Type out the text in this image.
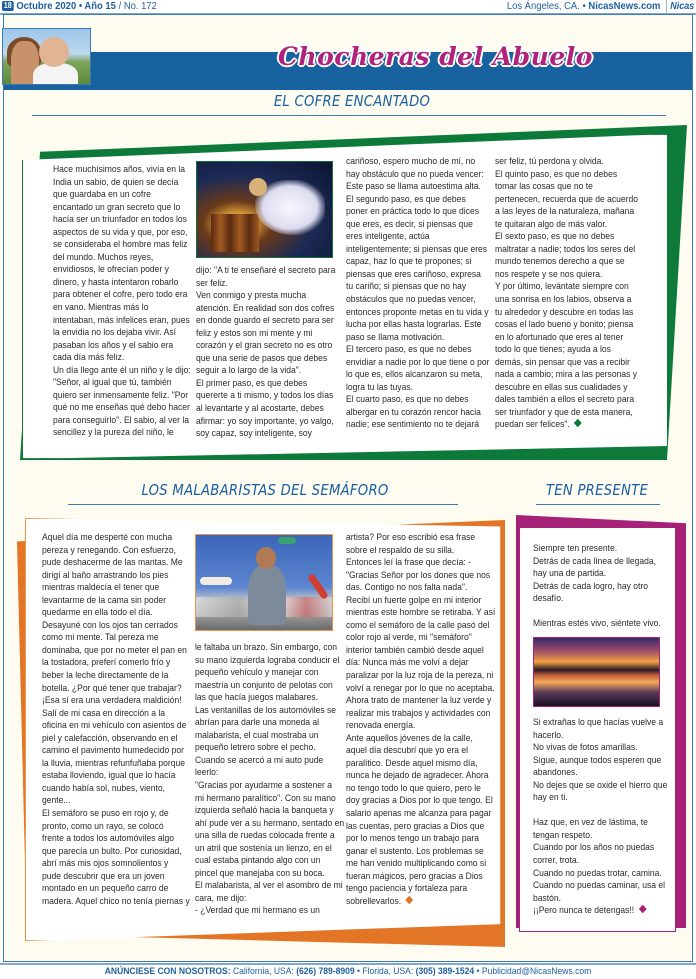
18 Octubre 2020 • Año 15 / No. 172	Los Ángeles, CA. • NicasNews.com Nicas
Chocheras del Abuelo
EL COFRE ENCANTADO

Hace muchísimos años, vivía en la

India un sabio, de quien se decía

que guardaba en un cofre

encantado un gran secreto que lo

hacía ser un triunfador en todos los

aspectos de su vida y que, por eso,

se consideraba el hombre mas feliz

del mundo. Muchos reyes,

envidiosos, le ofrecían poder y

dinero, y hasta intentaron robarlo

para obtener el cofre, pero todo era

en vano. Mientras más lo

intentaban, más infelices eran, pues

la envidia no los dejaba vivir. Así

pasaban los años y el sabio era

cada día más feliz.

Un día llego ante él un niño y le dijo:

"Señor, al igual que tú, también

quiero ser inmensamente feliz. "Por

qué no me enseñas qué debo hacer

para conseguirlo". El sabio, al ver la

sencillez y la pureza del niño, le

dijo: "A ti te enseñaré el secreto para

ser feliz.

Ven conmigo y presta mucha

atención. En realidad son dos cofres

en donde guardo el secreto para ser

feliz y estos son mi mente y mi

corazón y el gran secreto no es otro

que una serie de pasos que debes

seguir a lo largo de la vida".

El primer paso, es que debes

quererte a ti mismo, y todos los días

al levantarte y al acostarte, debes

afirmar: yo soy importante, yo valgo,

soy capaz, soy inteligente, soy

cariñoso, espero mucho de mí, no

hay obstáculo que no pueda vencer:

Este paso se llama autoestima alta.

El segundo paso, es que debes

poner en práctica todo lo que dices

que eres, es decir, si piensas que

eres inteligente, actúa

inteligentemente; si piensas que eres

capaz, haz lo que te propones; si

piensas que eres cariñoso, expresa

tu cariño; si piensas que no hay

obstáculos que no puedas vencer,

entonces proponte metas en tu vida y

lucha por ellas hasta lograrlas. Este

paso se llama motivación.

El tercero paso, es que no debes

envidiar a nadie por lo que tiene o por

lo que es, ellos alcanzaron su meta,

logra tu las tuyas.

El cuarto paso, es que no debes

albergar en tu corazón rencor hacia

nadie; ese sentimiento no te dejará

ser feliz, tú perdona y olvida.

El quinto paso, es que no debes

tomar las cosas que no te

pertenecen, recuerda que de acuerdo

a las leyes de la naturaleza, mañana

te quitaran algo de más valor.

El sexto paso, es que no debes

maltratar a nadie; todos los seres del

mundo tenemos derecho a que se

nos respete y se nos quiera.

Y por último, levántate siempre con

una sonrisa en los labios, observa a

tu alrededor y descubre en todas las

cosas el lado bueno y bonito; piensa

en lo afortunado que eres al tener

todo lo que tienes; ayuda a los

demás, sin pensar que vas a recibir

nada a cambio; mira a las personas y

descubre en ellas sus cualidades y

dales también a ellos el secreto para

ser triunfador y que de esta manera,

puedan ser felices".

LOS MALABARISTAS DEL SEMÁFORO

Aquel día me desperté con mucha

pereza y renegando. Con esfuerzo,

pude deshacerme de las mantas. Me

dirigí al baño arrastrando los pies

mientras maldecía el tener que

levantarme de la cama sin poder

quedarme en ella todo el día.

Desayuné con los ojos tan cerrados

como mi mente. Tal pereza me

dominaba, que por no meter el pan en

la tostadora, preferí comerlo frío y

beber la leche directamente de la

botella. ¿Por qué tener que trabajar?

¡Esa sí era una verdadera maldición!

Salí de mi casa en dirección a la

oficina en mi vehículo con asientos de

piel y calefacción, observando en el

camino el pavimento humedecido por

la lluvia, mientras refunfuñaba porque

estaba lloviendo, igual que lo hacía

cuando había sol, nubes, viento,

gente...

El semáforo se puso en rojo y, de

pronto, como un rayo, se colocó

frente a todos los automóviles algo

que parecía un bulto. Por curiosidad,

abrí más mis ojos somnolientos y

pude descubrir que era un joven

montado en un pequeño carro de

madera. Aquel chico no tenía piernas y

le faltaba un brazo. Sin embargo, con

su mano izquierda lograba conducir el

pequeño vehículo y manejar con

maestría un conjunto de pelotas con

las que hacía juegos malabares.

Las ventanillas de los automóviles se

abrían para darle una moneda al

malabarista, el cual mostraba un

pequeño letrero sobre el pecho.

Cuando se acercó a mi auto pude

leerlo:

"Gracias por ayudarme a sostener a

mi hermano paralítico". Con su mano

izquierda señaló hacia la banqueta y

ahí pude ver a su hermano, sentado en

una silla de ruedas colocada frente a

un atril que sostenía un lienzo, en el

cual estaba pintando algo con un

pincel que manejaba con su boca.

El malabarista, al ver el asombro de mi

cara, me dijo:

- ¿Verdad que mi hermano es un

artista? Por eso escribió esa frase

sobre el respaldo de su silla.

Entonces leí la frase que decía: -

"Gracias Señor por los dones que nos

das. Contigo no nos falta nada".

Recibí un fuerte golpe en mi interior

mientras este hombre se retiraba. Y así

como el semáforo de la calle pasó del

color rojo al verde, mi "semáforo"

interior también cambió desde aquel

día: Nunca más me volví a dejar

paralizar por la luz roja de la pereza, ni

volví a renegar por lo que no aceptaba.

Ahora trato de mantener la luz verde y

realizar mis trabajos y actividades con

renovada energía.

Ante aquellos jóvenes de la calle,

aquel día descubrí que yo era el

paralítico. Desde aquel mismo día,

nunca he dejado de agradecer. Ahora

no tengo todo lo que quiero, pero le

doy gracias a Dios por lo que tengo. El

salario apenas me alcanza para pagar

las cuentas, pero gracias a Dios que

por lo menos tengo un trabajo para

ganar el sustento. Los problemas se

me han venido multiplicando como si

fueran mágicos, pero gracias a Dios

tengo paciencia y fortaleza para

sobrellevarlos.

TEN PRESENTE

Siempre ten presente.

Detrás de cada línea de llegada,

hay una de partida.

Detrás de cada logro, hay otro

desafío.

Mientras estés vivo, siéntete vivo.

Si extrañas lo que hacías vuelve a

hacerlo.

No vivas de fotos amarillas.

Sigue, aunque todos esperen que

abandones.

No dejes que se oxide el hierro que

hay en ti.

Haz que, en vez de lástima, te

tengan respeto.

Cuando por los años no puedas

correr, trota.

Cuando no puedas trotar, camina.

Cuando no puedas caminar, usa el

bastón.

¡¡Pero nunca te detengas!!

ANÚNCIESE CON NOSOTROS: California, USA: (626) 789-8909 • Florida, USA: (305) 389-1524 • Publicidad@NicasNews.com
